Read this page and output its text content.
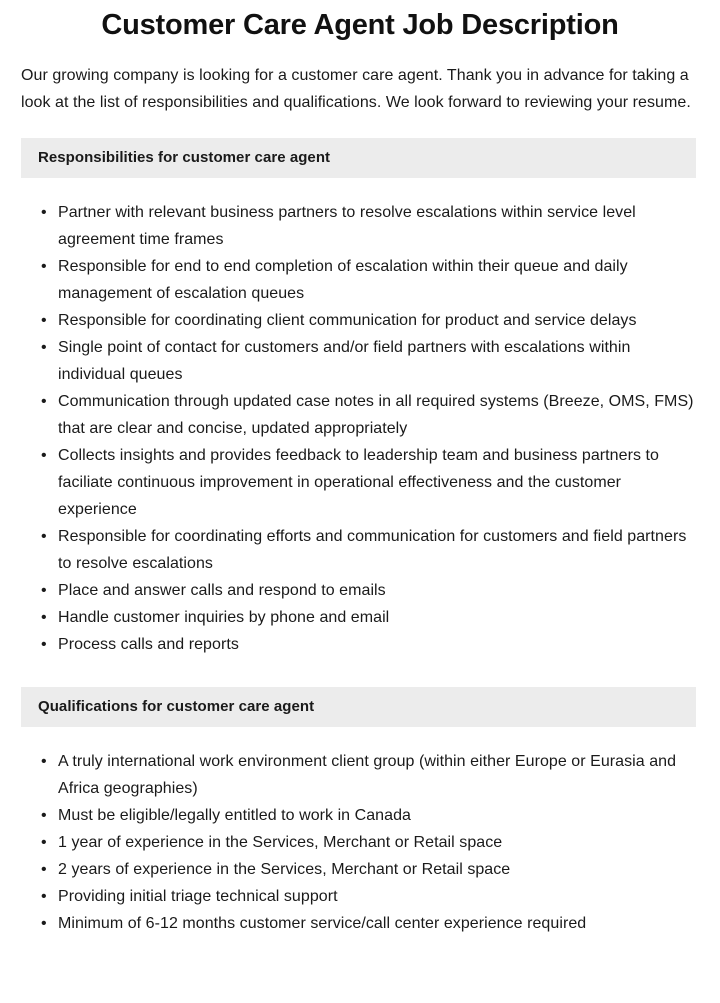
Customer Care Agent Job Description

Our growing company is looking for a customer care agent. Thank you in advance for taking a look at the list of responsibilities and qualifications. We look forward to reviewing your resume.

Responsibilities for customer care agent
• Partner with relevant business partners to resolve escalations within service level agreement time frames
• Responsible for end to end completion of escalation within their queue and daily management of escalation queues
• Responsible for coordinating client communication for product and service delays
• Single point of contact for customers and/or field partners with escalations within individual queues
• Communication through updated case notes in all required systems (Breeze, OMS, FMS) that are clear and concise, updated appropriately
• Collects insights and provides feedback to leadership team and business partners to faciliate continuous improvement in operational effectiveness and the customer experience
• Responsible for coordinating efforts and communication for customers and field partners to resolve escalations
• Place and answer calls and respond to emails
• Handle customer inquiries by phone and email
• Process calls and reports
Qualifications for customer care agent
• A truly international work environment client group (within either Europe or Eurasia and Africa geographies)
• Must be eligible/legally entitled to work in Canada
• 1 year of experience in the Services, Merchant or Retail space
• 2 years of experience in the Services, Merchant or Retail space
• Providing initial triage technical support
• Minimum of 6-12 months customer service/call center experience required
